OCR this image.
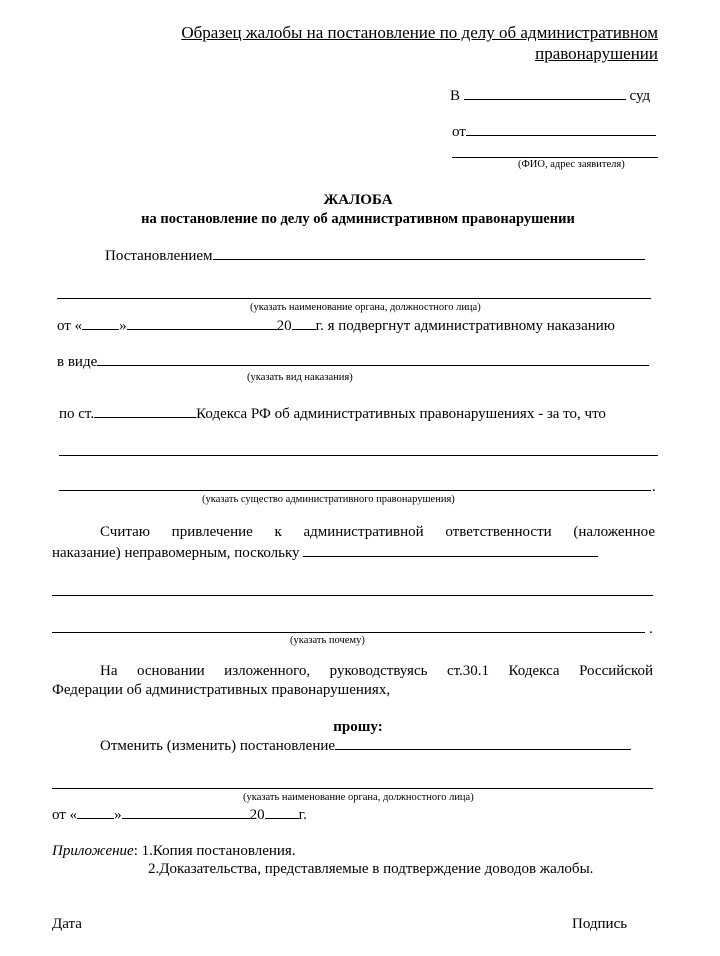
Образец жалобы на постановление по делу об административном
правонарушении
В	суд
от
(ФИО, адрес заявителя)
ЖАЛОБА
на постановление по делу об административном правонарушении
Постановлением
(указать наименование органа, должностного лица)
от « »	20 г. я подвергнут административному наказанию
в виде
(указать вид наказания)
по ст.	Кодекса РФ об административных правонарушениях - за то, что
.
(указать существо административного правонарушения)
Считаю привлечение к административной ответственности (наложенное
наказание) неправомерным, поскольку
.
(указать почему)
На основании изложенного, руководствуясь ст.30.1 Кодекса Российской
Федерации об административных правонарушениях,
прошу:
Отменить (изменить) постановление
(указать наименование органа, должностного лица)
от « »	20 г.
Приложение: 1.Копия постановления.
2.Доказательства, представляемые в подтверждение доводов жалобы.
Дата	Подпись
